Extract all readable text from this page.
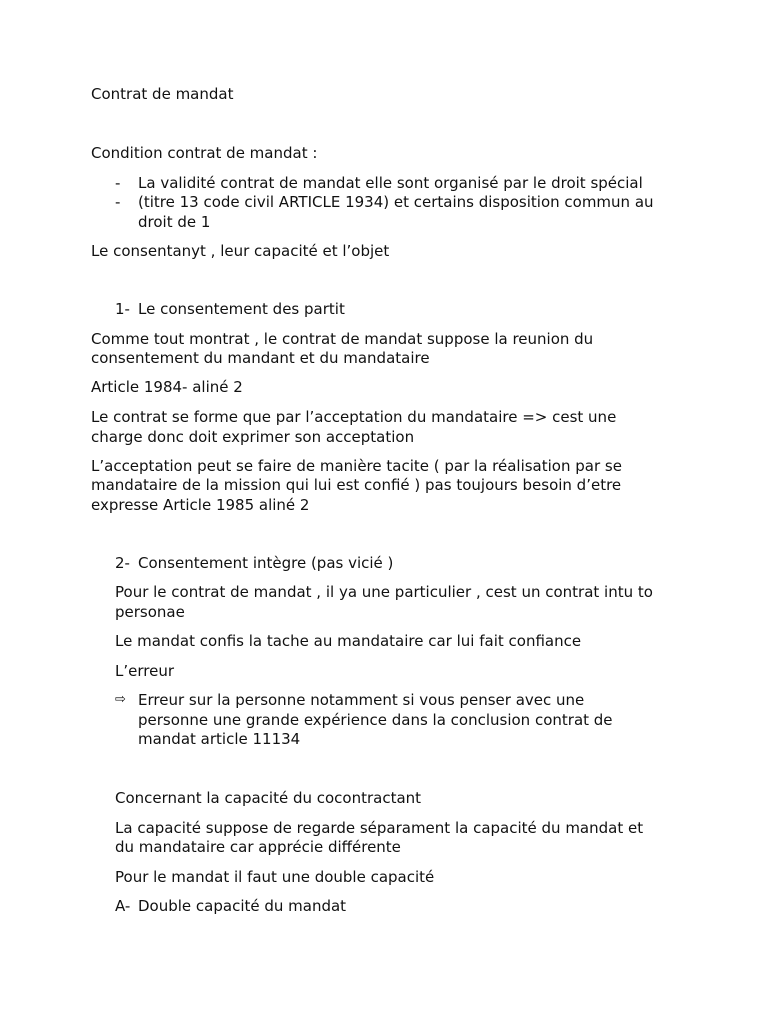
Contrat de mandat
Condition contrat de mandat :
- La validité contrat de mandat elle sont organisé par le droit spécial
- (titre 13 code civil ARTICLE 1934) et certains disposition commun au
droit de 1
Le consentanyt , leur capacité et l’objet
1- Le consentement des partit
Comme tout montrat , le contrat de mandat suppose la reunion du
consentement du mandant et du mandataire
Article 1984- aliné 2
Le contrat se forme que par l’acceptation du mandataire => cest une
charge donc doit exprimer son acceptation
L’acceptation peut se faire de manière tacite ( par la réalisation par se
mandataire de la mission qui lui est confié ) pas toujours besoin d’etre
expresse Article 1985 aliné 2
2- Consentement intègre (pas vicié )
Pour le contrat de mandat , il ya une particulier , cest un contrat intu to
personae
Le mandat confis la tache au mandataire car lui fait confiance
L’erreur
⇨ Erreur sur la personne notamment si vous penser avec une
personne une grande expérience dans la conclusion contrat de
mandat article 11134
Concernant la capacité du cocontractant
La capacité suppose de regarde séparament la capacité du mandat et
du mandataire car apprécie différente
Pour le mandat il faut une double capacité
A- Double capacité du mandat
